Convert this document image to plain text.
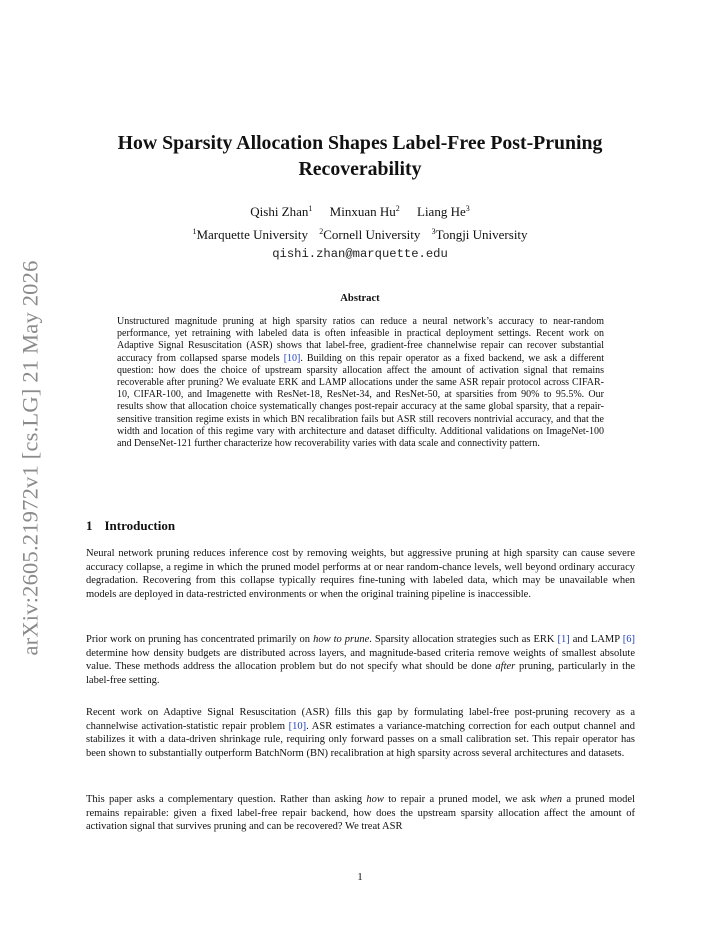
arXiv:2605.21972v1 [cs.LG] 21 May 2026
How Sparsity Allocation Shapes Label-Free Post-Pruning Recoverability
Qishi Zhan$^1$ Minxuan Hu$^2$ Liang He$^3$
$^1$Marquette University $^2$Cornell University $^3$Tongji University
qishi.zhan@marquette.edu
Abstract
Unstructured magnitude pruning at high sparsity ratios can reduce a neural network’s accuracy to near-random performance, yet retraining with labeled data is often infeasible in practical deployment settings. Recent work on Adaptive Signal Resuscitation (ASR) shows that label-free, gradient-free channelwise repair can recover substantial accuracy from collapsed sparse models [10]. Building on this repair operator as a fixed backend, we ask a different question: how does the choice of upstream sparsity allocation affect the amount of activation signal that remains recoverable after pruning? We evaluate ERK and LAMP allocations under the same ASR repair protocol across CIFAR-10, CIFAR-100, and Imagenette with ResNet-18, ResNet-34, and ResNet-50, at sparsities from 90% to 95.5%. Our results show that allocation choice systematically changes post-repair accuracy at the same global sparsity, that a repair-sensitive transition regime exists in which BN recalibration fails but ASR still recovers nontrivial accuracy, and that the width and location of this regime vary with architecture and dataset difficulty. Additional validations on ImageNet-100 and DenseNet-121 further characterize how recoverability varies with data scale and connectivity pattern.
1 Introduction
Neural network pruning reduces inference cost by removing weights, but aggressive pruning at high sparsity can cause severe accuracy collapse, a regime in which the pruned model performs at or near random-chance levels, well beyond ordinary accuracy degradation. Recovering from this collapse typically requires fine-tuning with labeled data, which may be unavailable when models are deployed in data-restricted environments or when the original training pipeline is inaccessible.
Prior work on pruning has concentrated primarily on how to prune. Sparsity allocation strategies such as ERK [1] and LAMP [6] determine how density budgets are distributed across layers, and magnitude-based criteria remove weights of smallest absolute value. These methods address the allocation problem but do not specify what should be done after pruning, particularly in the label-free setting.
Recent work on Adaptive Signal Resuscitation (ASR) fills this gap by formulating label-free post-pruning recovery as a channelwise activation-statistic repair problem [10]. ASR estimates a variance-matching correction for each output channel and stabilizes it with a data-driven shrinkage rule, requiring only forward passes on a small calibration set. This repair operator has been shown to substantially outperform BatchNorm (BN) recalibration at high sparsity across several architectures and datasets.
This paper asks a complementary question. Rather than asking how to repair a pruned model, we ask when a pruned model remains repairable: given a fixed label-free repair backend, how does the upstream sparsity allocation affect the amount of activation signal that survives pruning and can be recovered? We treat ASR
1
